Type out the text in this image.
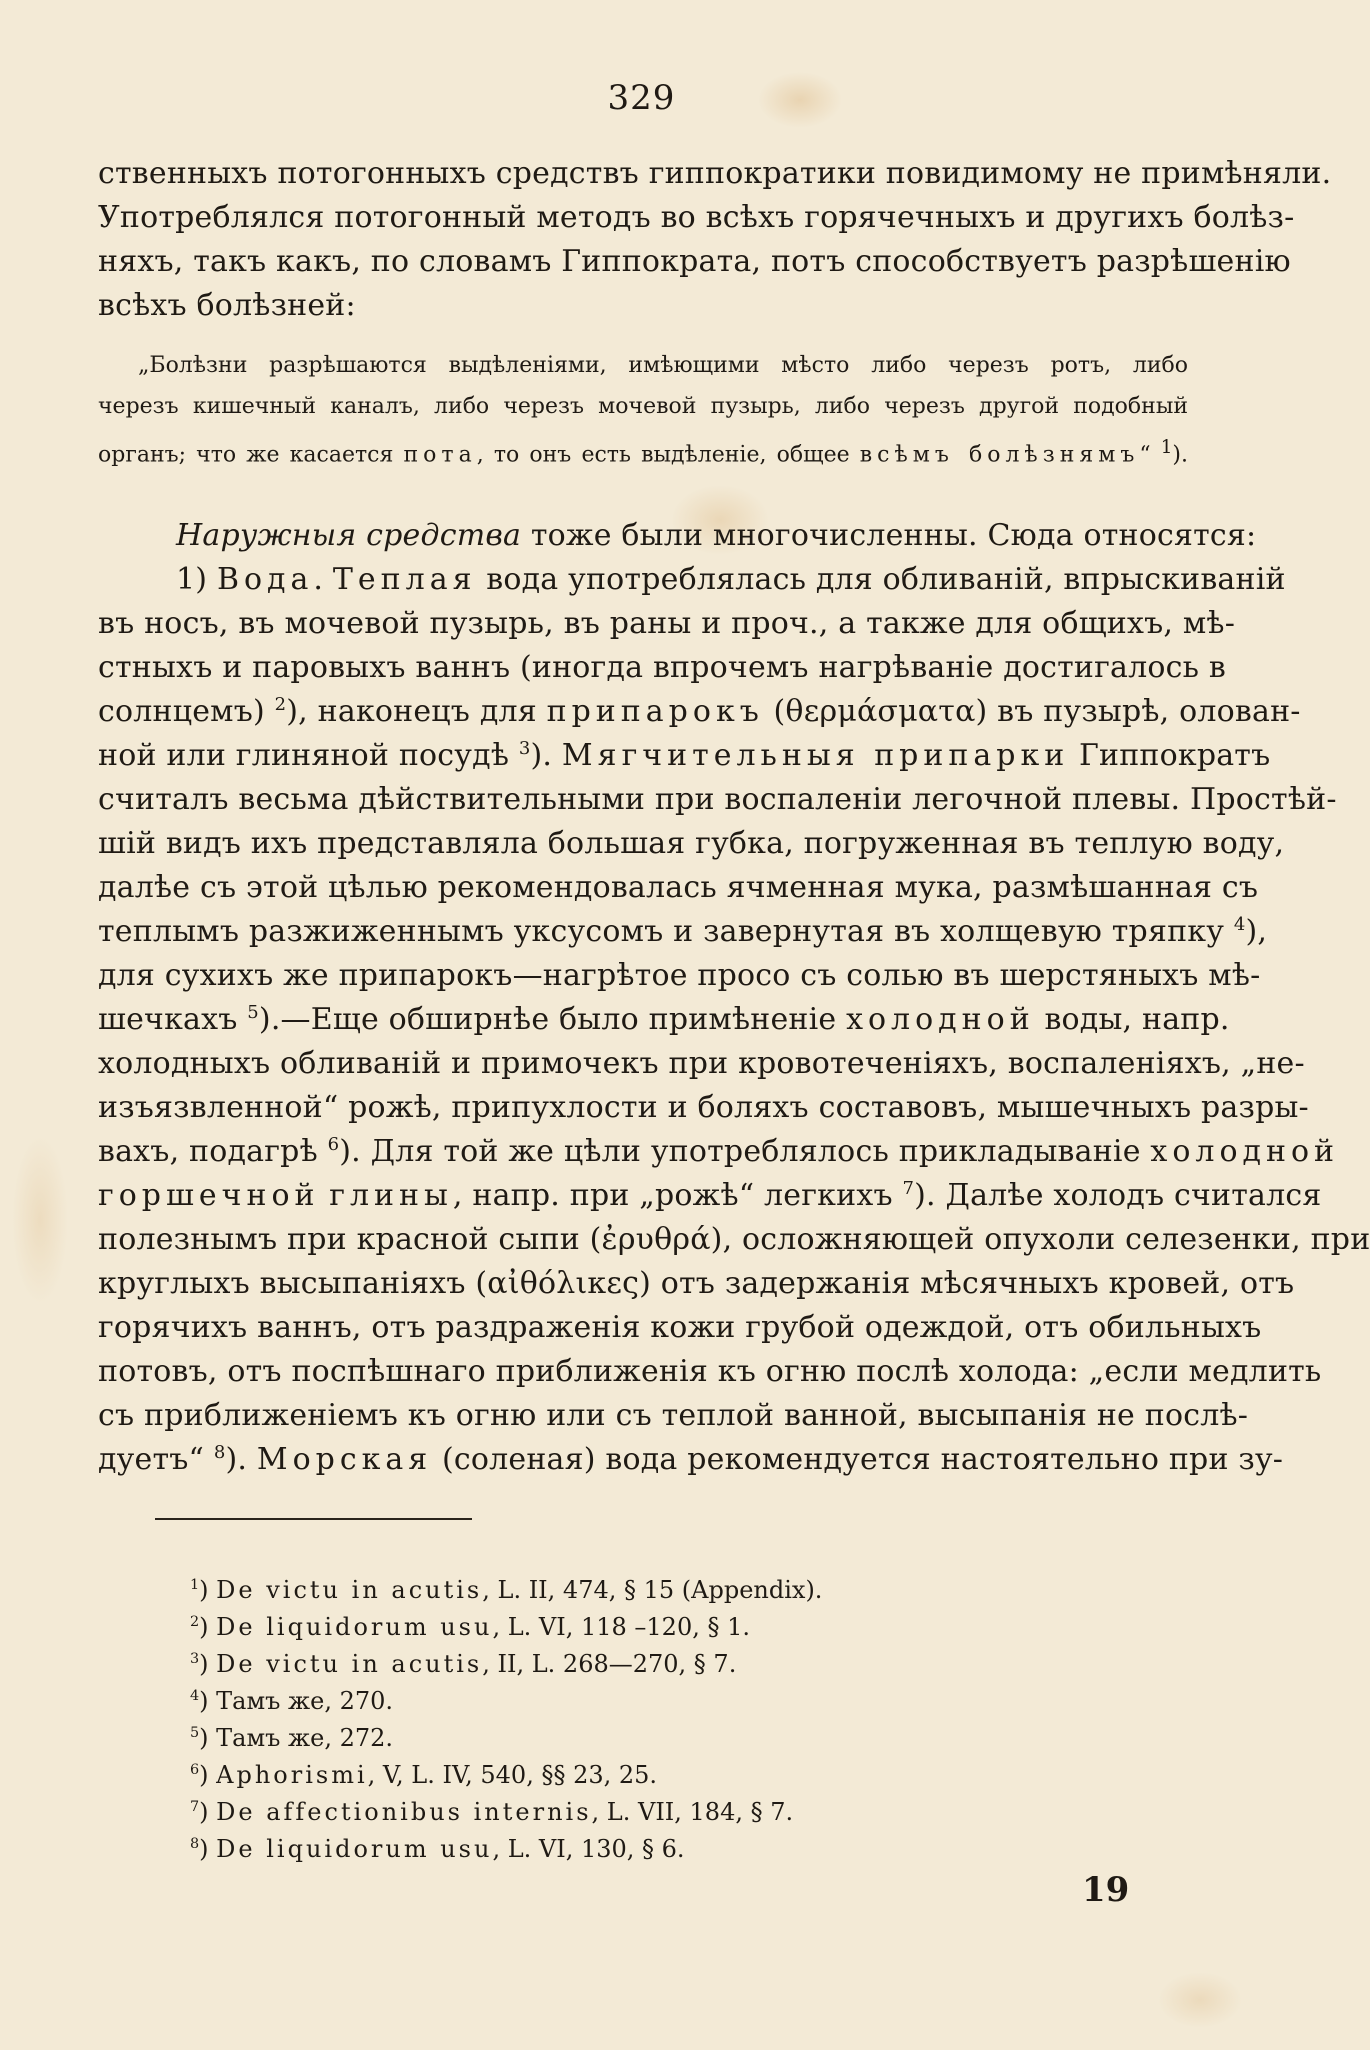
329
ственныхъ потогонныхъ средствъ гиппократики повидимому не примѣняли.
Употреблялся потогонный методъ во всѣхъ горячечныхъ и другихъ болѣз-
няхъ, такъ какъ, по словамъ Гиппократа, потъ способствуетъ разрѣшенію
всѣхъ болѣзней:
„Болѣзни разрѣшаются выдѣленіями, имѣющими мѣсто либо черезъ ротъ, либо
черезъ кишечный каналъ, либо черезъ мочевой пузырь, либо черезъ другой подобный
органъ; что же касается пота, то онъ есть выдѣленіе, общее всѣмъ болѣзнямъ“ $^1$).
Наружныя средства тоже были многочисленны. Сюда относятся:
1) Вода. Теплая вода употреблялась для обливаній, впрыскиваній
въ носъ, въ мочевой пузырь, въ раны и проч., а также для общихъ, мѣ-
стныхъ и паровыхъ ваннъ (иногда впрочемъ нагрѣваніе достигалось в
солнцемъ) $^2$), наконецъ для припарокъ (θερμάσματα) въ пузырѣ, олован-
ной или глиняной посудѣ $^3$). Мягчительныя припарки Гиппократъ
считалъ весьма дѣйствительными при воспаленіи легочной плевы. Простѣй-
шій видъ ихъ представляла большая губка, погруженная въ теплую воду,
далѣе съ этой цѣлью рекомендовалась ячменная мука, размѣшанная съ
теплымъ разжиженнымъ уксусомъ и завернутая въ холщевую тряпку $^4$),
для сухихъ же припарокъ—нагрѣтое просо съ солью въ шерстяныхъ мѣ-
шечкахъ $^5$).—Еще обширнѣе было примѣненіе холодной воды, напр.
холодныхъ обливаній и примочекъ при кровотеченіяхъ, воспаленіяхъ, „не-
изъязвленной“ рожѣ, припухлости и боляхъ составовъ, мышечныхъ разры-
вахъ, подагрѣ $^6$). Для той же цѣли употреблялось прикладываніе холодной
горшечной глины, напр. при „рожѣ“ легкихъ $^7$). Далѣе холодъ считался
полезнымъ при красной сыпи (ἐρυθρά), осложняющей опухоли селезенки, при
круглыхъ высыпаніяхъ (αἰθόλικες) отъ задержанія мѣсячныхъ кровей, отъ
горячихъ ваннъ, отъ раздраженія кожи грубой одеждой, отъ обильныхъ
потовъ, отъ поспѣшнаго приближенія къ огню послѣ холода: „если медлить
съ приближеніемъ къ огню или съ теплой ванной, высыпанія не послѣ-
дуетъ“ $^8$). Морская (соленая) вода рекомендуется настоятельно при зу-
$^1$) De victu in acutis, L. II, 474, § 15 (Appendix).
$^2$) De liquidorum usu, L. VI, 118 –120, § 1.
$^3$) De victu in acutis, II, L. 268—270, § 7.
$^4$) Тамъ же, 270.
$^5$) Тамъ же, 272.
$^6$) Aphorismi, V, L. IV, 540, §§ 23, 25.
$^7$) De affectionibus internis, L. VII, 184, § 7.
$^8$) De liquidorum usu, L. VI, 130, § 6.
19
